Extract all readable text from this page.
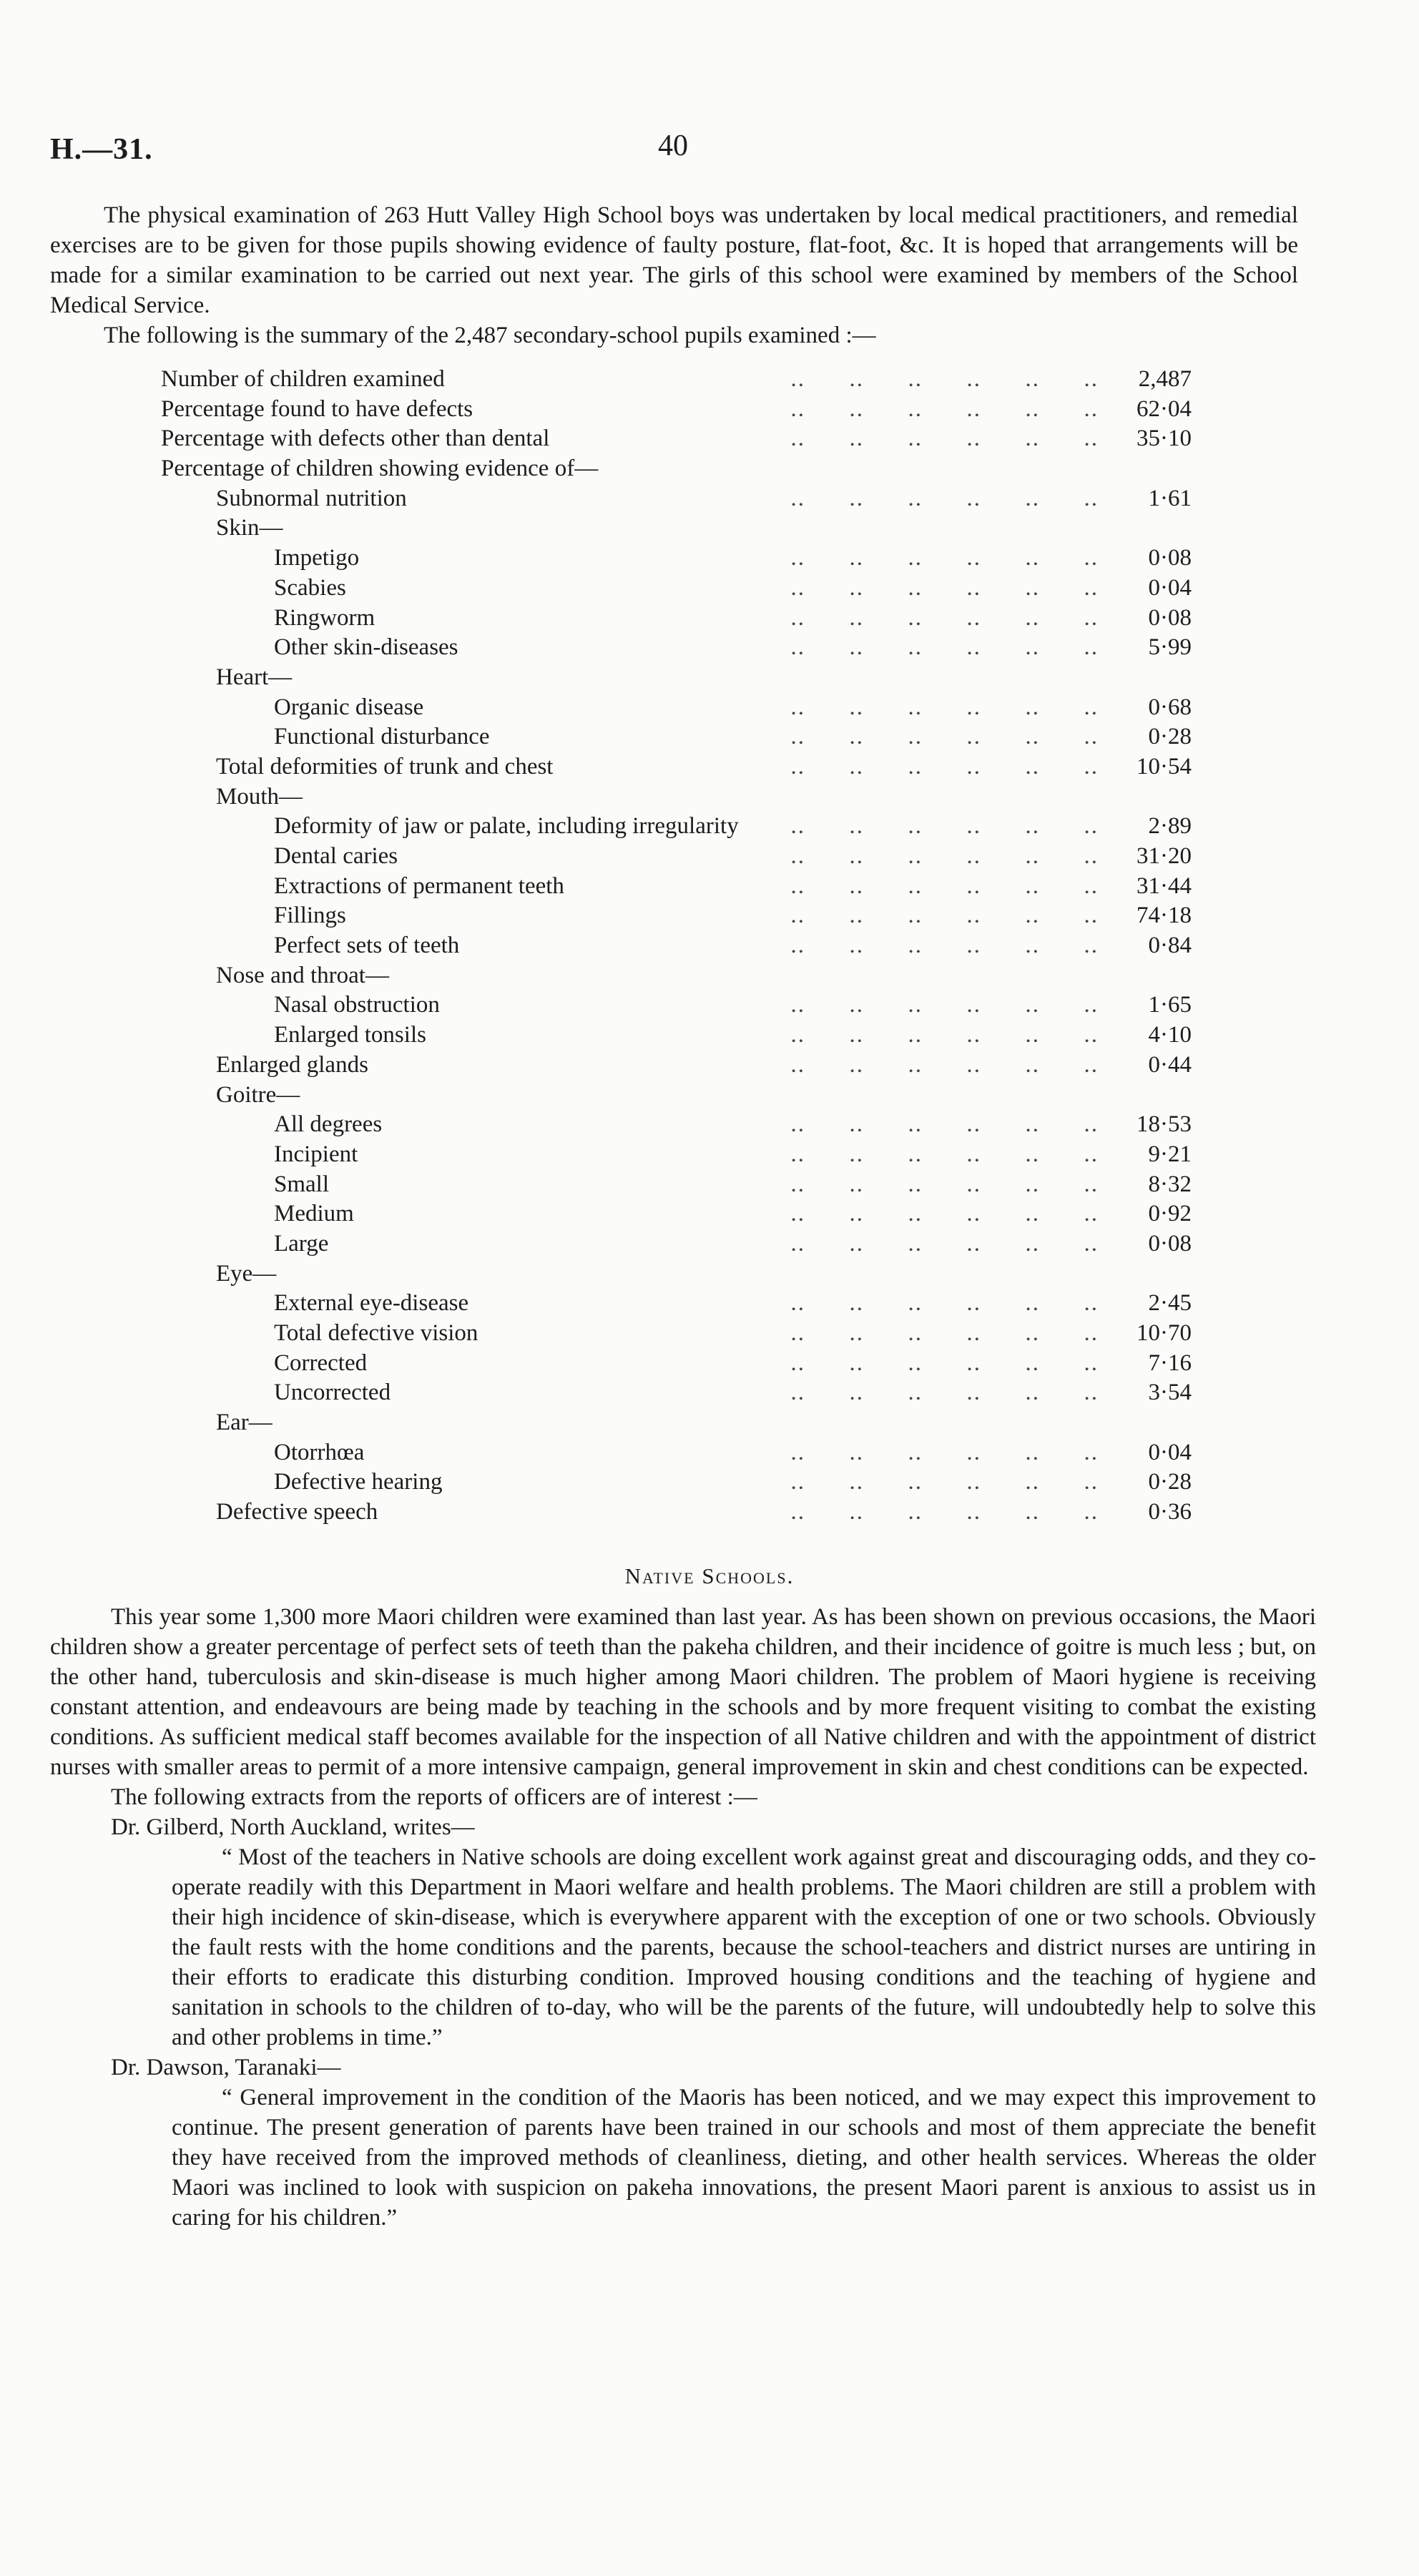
H.—31.	40

The physical examination of 263 Hutt Valley High School boys was undertaken by local medical practitioners, and remedial exercises are to be given for those pupils showing evidence of faulty posture, flat-foot, &c. It is hoped that arrangements will be made for a similar examination to be carried out next year. The girls of this school were examined by members of the School Medical Service.

The following is the summary of the 2,487 secondary-school pupils examined :—

Number of children examined	..      ..      ..      ..      ..      .. 2,487
Percentage found to have defects	..      ..      ..      ..      ..      .. 62·04
Percentage with defects other than dental	..      ..      ..      ..      ..      .. 35·10
Percentage of children showing evidence of—
Subnormal nutrition	..      ..      ..      ..      ..      .. 1·61
Skin—
Impetigo	..      ..      ..      ..      ..      .. 0·08
Scabies	..      ..      ..      ..      ..      .. 0·04
Ringworm	..      ..      ..      ..      ..      .. 0·08
Other skin-diseases	..      ..      ..      ..      ..      .. 5·99
Heart—
Organic disease	..      ..      ..      ..      ..      .. 0·68
Functional disturbance	..      ..      ..      ..      ..      .. 0·28
Total deformities of trunk and chest	..      ..      ..      ..      ..      .. 10·54
Mouth—
Deformity of jaw or palate, including irregularity	..      ..      ..      ..      ..      .. 2·89
Dental caries	..      ..      ..      ..      ..      .. 31·20
Extractions of permanent teeth	..      ..      ..      ..      ..      .. 31·44
Fillings	..      ..      ..      ..      ..      .. 74·18
Perfect sets of teeth	..      ..      ..      ..      ..      .. 0·84
Nose and throat—
Nasal obstruction	..      ..      ..      ..      ..      .. 1·65
Enlarged tonsils	..      ..      ..      ..      ..      .. 4·10
Enlarged glands	..      ..      ..      ..      ..      .. 0·44
Goitre—
All degrees	..      ..      ..      ..      ..      .. 18·53
Incipient	..      ..      ..      ..      ..      .. 9·21
Small	..      ..      ..      ..      ..      .. 8·32
Medium	..      ..      ..      ..      ..      .. 0·92
Large	..      ..      ..      ..      ..      .. 0·08
Eye—
External eye-disease	..      ..      ..      ..      ..      .. 2·45
Total defective vision	..      ..      ..      ..      ..      .. 10·70
Corrected	..      ..      ..      ..      ..      .. 7·16
Uncorrected	..      ..      ..      ..      ..      .. 3·54
Ear—
Otorrhœa	..      ..      ..      ..      ..      .. 0·04
Defective hearing	..      ..      ..      ..      ..      .. 0·28
Defective speech	..      ..      ..      ..      ..      .. 0·36
Native Schools.

This year some 1,300 more Maori children were examined than last year. As has been shown on previous occasions, the Maori children show a greater percentage of perfect sets of teeth than the pakeha children, and their incidence of goitre is much less ; but, on the other hand, tuberculosis and skin-disease is much higher among Maori children. The problem of Maori hygiene is receiving constant attention, and endeavours are being made by teaching in the schools and by more frequent visiting to combat the existing conditions. As sufficient medical staff becomes available for the inspection of all Native children and with the appointment of district nurses with smaller areas to permit of a more intensive campaign, general improvement in skin and chest conditions can be expected.

The following extracts from the reports of officers are of interest :—

Dr. Gilberd, North Auckland, writes—

“ Most of the teachers in Native schools are doing excellent work against great and discouraging odds, and they co-operate readily with this Department in Maori welfare and health problems. The Maori children are still a problem with their high incidence of skin-disease, which is everywhere apparent with the exception of one or two schools. Obviously the fault rests with the home conditions and the parents, because the school-teachers and district nurses are untiring in their efforts to eradicate this disturbing condition. Improved housing conditions and the teaching of hygiene and sanitation in schools to the children of to-day, who will be the parents of the future, will undoubtedly help to solve this and other problems in time.”

Dr. Dawson, Taranaki—

“ General improvement in the condition of the Maoris has been noticed, and we may expect this improvement to continue. The present generation of parents have been trained in our schools and most of them appreciate the benefit they have received from the improved methods of cleanliness, dieting, and other health services. Whereas the older Maori was inclined to look with suspicion on pakeha innovations, the present Maori parent is anxious to assist us in caring for his children.”
